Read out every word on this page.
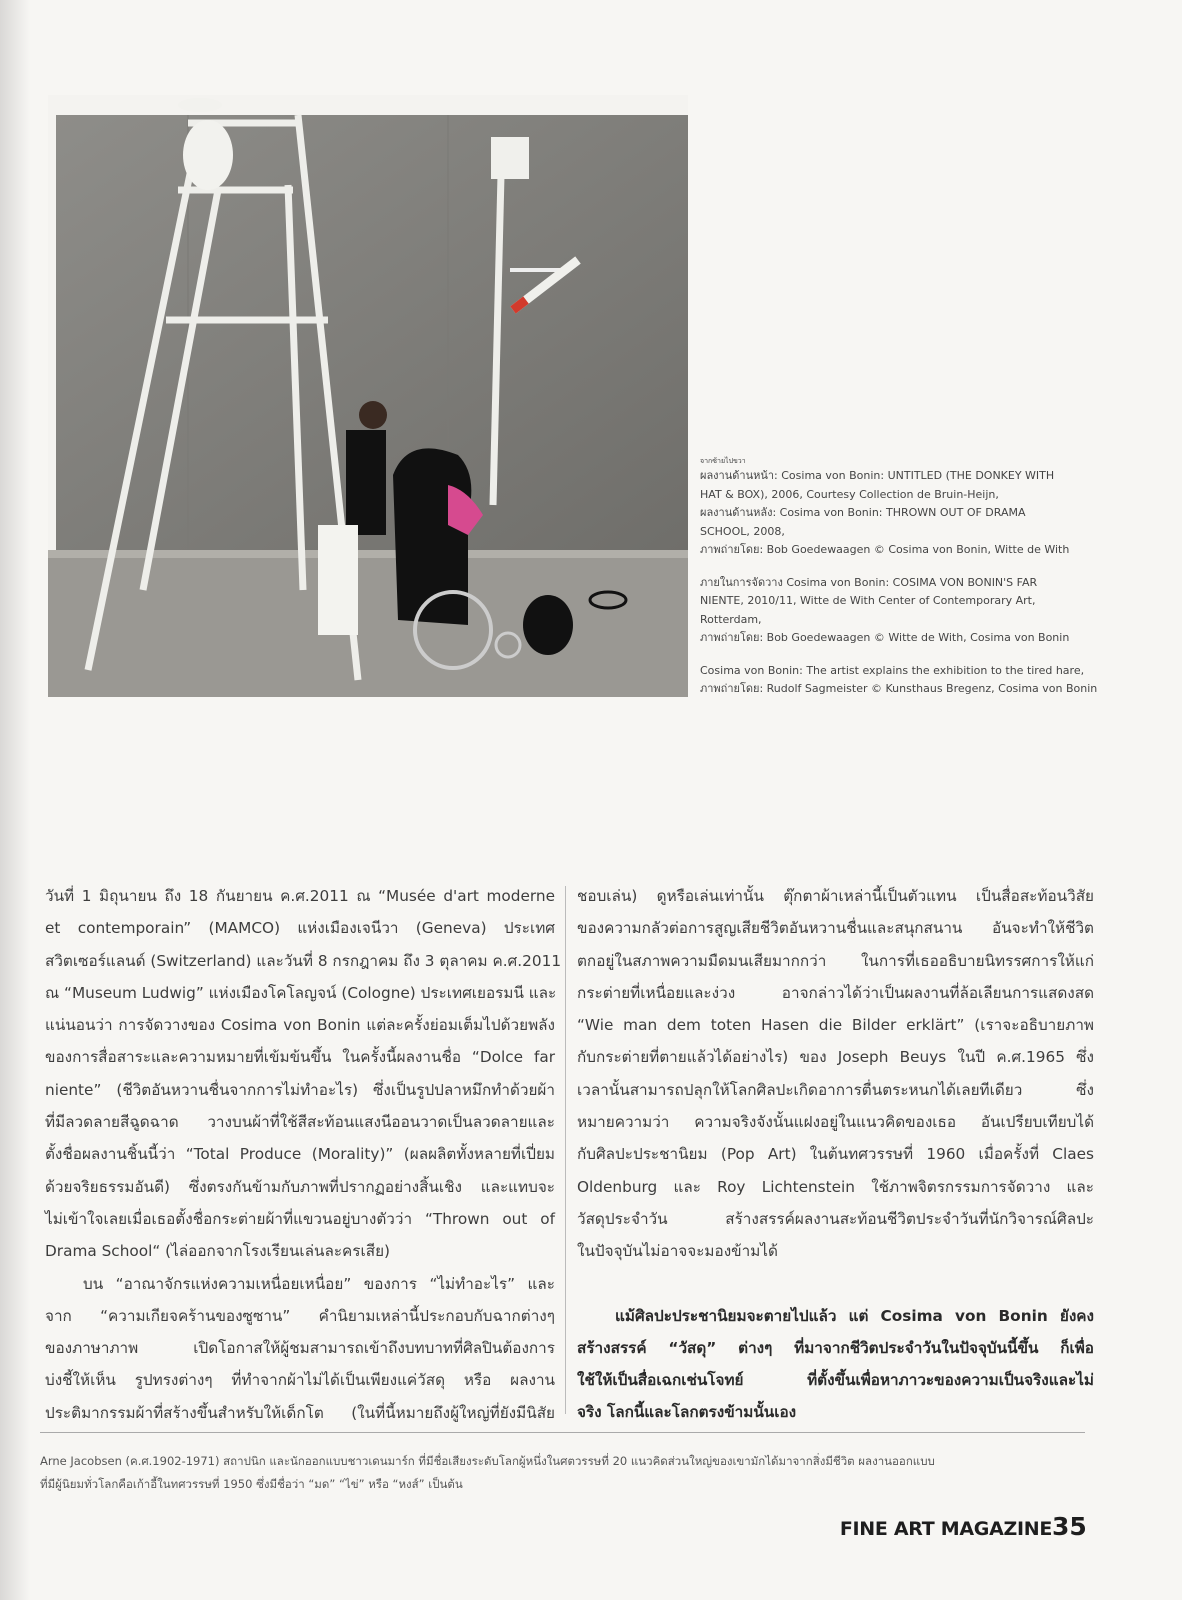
จากซ้ายไปขวา
ผลงานด้านหน้า: Cosima von Bonin: UNTITLED (THE DONKEY WITH
HAT & BOX), 2006, Courtesy Collection de Bruin-Heijn,
ผลงานด้านหลัง: Cosima von Bonin: THROWN OUT OF DRAMA
SCHOOL, 2008,
ภาพถ่ายโดย: Bob Goedewaagen © Cosima von Bonin, Witte de With
ภายในการจัดวาง Cosima von Bonin: COSIMA VON BONIN'S FAR
NIENTE, 2010/11, Witte de With Center of Contemporary Art,
Rotterdam,
ภาพถ่ายโดย: Bob Goedewaagen © Witte de With, Cosima von Bonin
Cosima von Bonin: The artist explains the exhibition to the tired hare,
ภาพถ่ายโดย: Rudolf Sagmeister © Kunsthaus Bregenz, Cosima von Bonin
วันที่ 1 มิถุนายน ถึง 18 กันยายน ค.ศ.2011 ณ “Musée d'art moderne
et contemporain” (MAMCO) แห่งเมืองเจนีวา (Geneva) ประเทศ
สวิตเซอร์แลนด์ (Switzerland) และวันที่ 8 กรกฎาคม ถึง 3 ตุลาคม ค.ศ.2011
ณ “Museum Ludwig” แห่งเมืองโคโลญจน์ (Cologne) ประเทศเยอรมนี และ
แน่นอนว่า การจัดวางของ Cosima von Bonin แต่ละครั้งย่อมเต็มไปด้วยพลัง
ของการสื่อสาระและความหมายที่เข้มข้นขึ้น ในครั้งนี้ผลงานชื่อ “Dolce far
niente” (ชีวิตอันหวานชื่นจากการไม่ทำอะไร) ซึ่งเป็นรูปปลาหมึกทำด้วยผ้า
ที่มีลวดลายสีฉูดฉาด วางบนผ้าที่ใช้สีสะท้อนแสงนีออนวาดเป็นลวดลายและ
ตั้งชื่อผลงานชิ้นนี้ว่า “Total Produce (Morality)” (ผลผลิตทั้งหลายที่เปี่ยม
ด้วยจริยธรรมอันดี) ซึ่งตรงกันข้ามกับภาพที่ปรากฏอย่างสิ้นเชิง และแทบจะ
ไม่เข้าใจเลยเมื่อเธอตั้งชื่อกระต่ายผ้าที่แขวนอยู่บางตัวว่า “Thrown out of
Drama School“ (ไล่ออกจากโรงเรียนเล่นละครเสีย)
บน “อาณาจักรแห่งความเหนื่อยเหนื่อย” ของการ “ไม่ทำอะไร” และ
จาก “ความเกียจคร้านของซูซาน” คำนิยามเหล่านี้ประกอบกับฉากต่างๆ
ของภาษาภาพ เปิดโอกาสให้ผู้ชมสามารถเข้าถึงบทบาทที่ศิลปินต้องการ
บ่งชี้ให้เห็น รูปทรงต่างๆ ที่ทำจากผ้าไม่ได้เป็นเพียงแค่วัสดุ หรือ ผลงาน
ประติมากรรมผ้าที่สร้างขึ้นสำหรับให้เด็กโต (ในที่นี้หมายถึงผู้ใหญ่ที่ยังมีนิสัย
ชอบเล่น) ดูหรือเล่นเท่านั้น ตุ๊กตาผ้าเหล่านี้เป็นตัวแทน เป็นสื่อสะท้อนวิสัย
ของความกลัวต่อการสูญเสียชีวิตอันหวานชื่นและสนุกสนาน อันจะทำให้ชีวิต
ตกอยู่ในสภาพความมืดมนเสียมากกว่า ในการที่เธออธิบายนิทรรศการให้แก่
กระต่ายที่เหนื่อยและง่วง อาจกล่าวได้ว่าเป็นผลงานที่ล้อเลียนการแสดงสด
“Wie man dem toten Hasen die Bilder erklärt” (เราจะอธิบายภาพ
กับกระต่ายที่ตายแล้วได้อย่างไร) ของ Joseph Beuys ในปี ค.ศ.1965 ซึ่ง
เวลานั้นสามารถปลุกให้โลกศิลปะเกิดอาการตื่นตระหนกได้เลยทีเดียว ซึ่ง
หมายความว่า ความจริงจังนั้นแฝงอยู่ในแนวคิดของเธอ อันเปรียบเทียบได้
กับศิลปะประชานิยม (Pop Art) ในต้นทศวรรษที่ 1960 เมื่อครั้งที่ Claes
Oldenburg และ Roy Lichtenstein ใช้ภาพจิตรกรรมการจัดวาง และ
วัสดุประจำวัน สร้างสรรค์ผลงานสะท้อนชีวิตประจำวันที่นักวิจารณ์ศิลปะ
ในปัจจุบันไม่อาจจะมองข้ามได้
แม้ศิลปะประชานิยมจะตายไปแล้ว แต่ Cosima von Bonin ยังคง
สร้างสรรค์ “วัสดุ” ต่างๆ ที่มาจากชีวิตประจำวันในปัจจุบันนี้ขึ้น ก็เพื่อ
ใช้ให้เป็นสื่อเฉกเช่นโจทย์ ที่ตั้งขึ้นเพื่อหาภาวะของความเป็นจริงและไม่
จริง โลกนี้และโลกตรงข้ามนั้นเอง
Arne Jacobsen (ค.ศ.1902-1971) สถาปนิก และนักออกแบบชาวเดนมาร์ก ที่มีชื่อเสียงระดับโลกผู้หนึ่งในศตวรรษที่ 20 แนวคิดส่วนใหญ่ของเขามักได้มาจากสิ่งมีชีวิต ผลงานออกแบบ
ที่มีผู้นิยมทั่วโลกคือเก้าอี้ในทศวรรษที่ 1950 ซึ่งมีชื่อว่า “มด” “ไข่” หรือ “หงส์” เป็นต้น
FINE ART MAGAZINE 35
